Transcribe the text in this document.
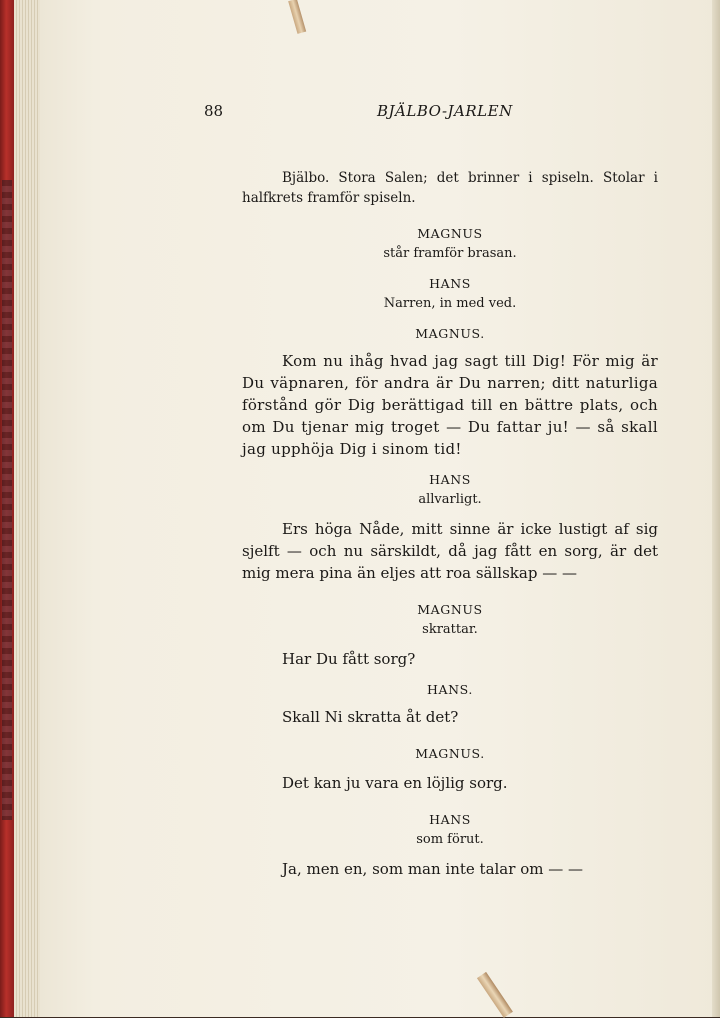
88	BJÄLBO-JARLEN

Bjälbo. Stora Salen; det brinner i spiseln. Stolar i halfkrets framför spiseln.

MAGNUS

står framför brasan.

HANS

Narren, in med ved.

MAGNUS.

Kom nu ihåg hvad jag sagt till Dig! För mig är Du väpnaren, för andra är Du narren; ditt naturliga förstånd gör Dig berättigad till en bättre plats, och om Du tjenar mig troget — Du fattar ju! — så skall jag upphöja Dig i sinom tid!

HANS

allvarligt.

Ers höga Nåde, mitt sinne är icke lustigt af sig sjelft — och nu särskildt, då jag fått en sorg, är det mig mera pina än eljes att roa sällskap — —

MAGNUS

skrattar.

Har Du fått sorg?

HANS.

Skall Ni skratta åt det?

MAGNUS.

Det kan ju vara en löjlig sorg.

HANS

som förut.

Ja, men en, som man inte talar om — —
